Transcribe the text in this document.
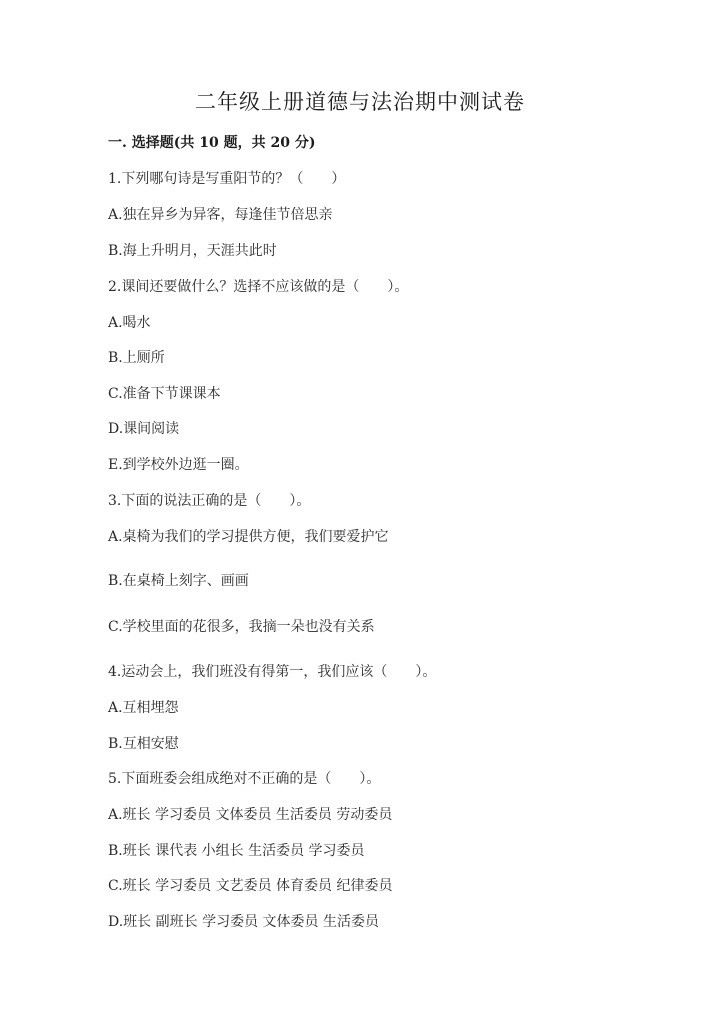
二年级上册道德与法治期中测试卷
一. 选择题(共 10 题，共 20 分)
1.下列哪句诗是写重阳节的？（　　）
A.独在异乡为异客，每逢佳节倍思亲
B.海上升明月，天涯共此时
2.课间还要做什么？选择不应该做的是（　　）。
A.喝水
B.上厕所
C.准备下节课课本
D.课间阅读
E.到学校外边逛一圈。
3.下面的说法正确的是（　　）。
A.桌椅为我们的学习提供方便，我们要爱护它
B.在桌椅上刻字、画画
C.学校里面的花很多，我摘一朵也没有关系
4.运动会上，我们班没有得第一，我们应该（　　）。
A.互相埋怨
B.互相安慰
5.下面班委会组成绝对不正确的是（　　）。
A.班长 学习委员 文体委员 生活委员 劳动委员
B.班长 课代表 小组长 生活委员 学习委员
C.班长 学习委员 文艺委员 体育委员 纪律委员
D.班长 副班长 学习委员 文体委员 生活委员
